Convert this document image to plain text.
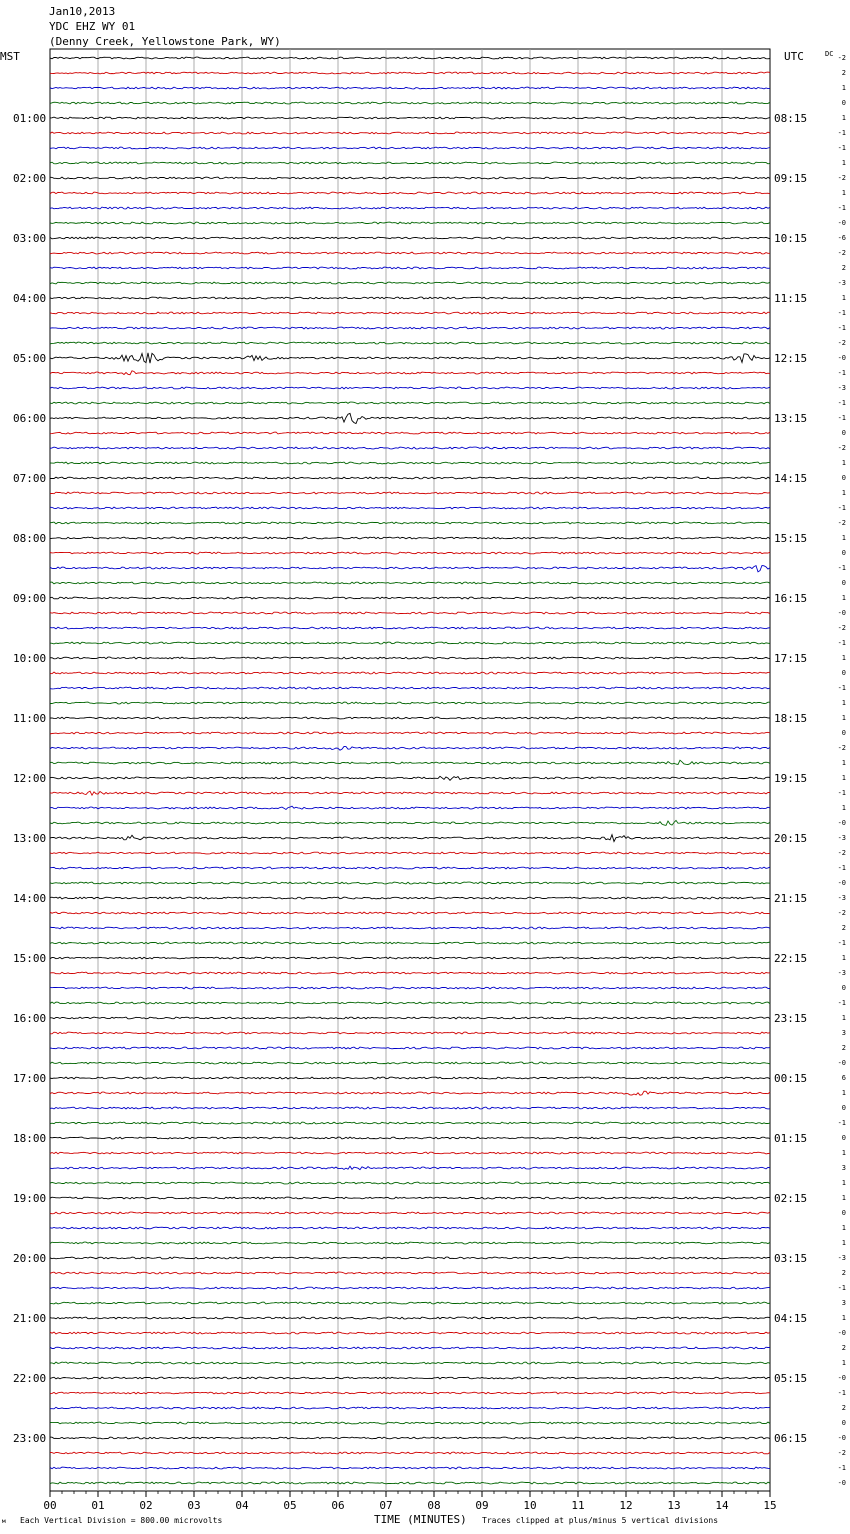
Jan10,2013
YDC EHZ WY 01
(Denny Creek, Yellowstone Park, WY)
00	01	02	03	04	05	06	07	08	09	10	11	12	13	14	15
01:00	08:15
02:00	09:15
03:00	10:15
04:00	11:15
05:00	12:15
06:00	13:15
07:00	14:15
08:00	15:15
09:00	16:15
10:00	17:15
11:00	18:15
12:00	19:15
13:00	20:15
14:00	21:15
15:00	22:15
16:00	23:15
17:00	00:15
18:00	01:15
19:00	02:15
20:00	03:15
21:00	04:15
22:00	05:15
23:00	06:15
-2
2
1
0
1
-1
-1
1
-2
1
-1
-0
-6
-2
2
-3
1
-1
-1
-2
-0
-1
-3
-1
-1
0
-2
1
0
1
-1
-2
1
0
-1
0
1
-0
-2
-1
1
0
-1
1
1
0
-2
1
1
-1
1
-0
-3
-2
-1
-0
-3
-2
2
-1
1
-3
0
-1
1
3
2
-0
6
1
0
-1
0
1
3
1
1
0
1
1
-3
2
-1
3
1
-0
2
1
-0
-1
2
0
-0
-2
-1
-0
MST	UTC	DC
м Each Vertical Division = 800.00 microvolts	TIME (MINUTES) Traces clipped at plus/minus 5 vertical divisions
